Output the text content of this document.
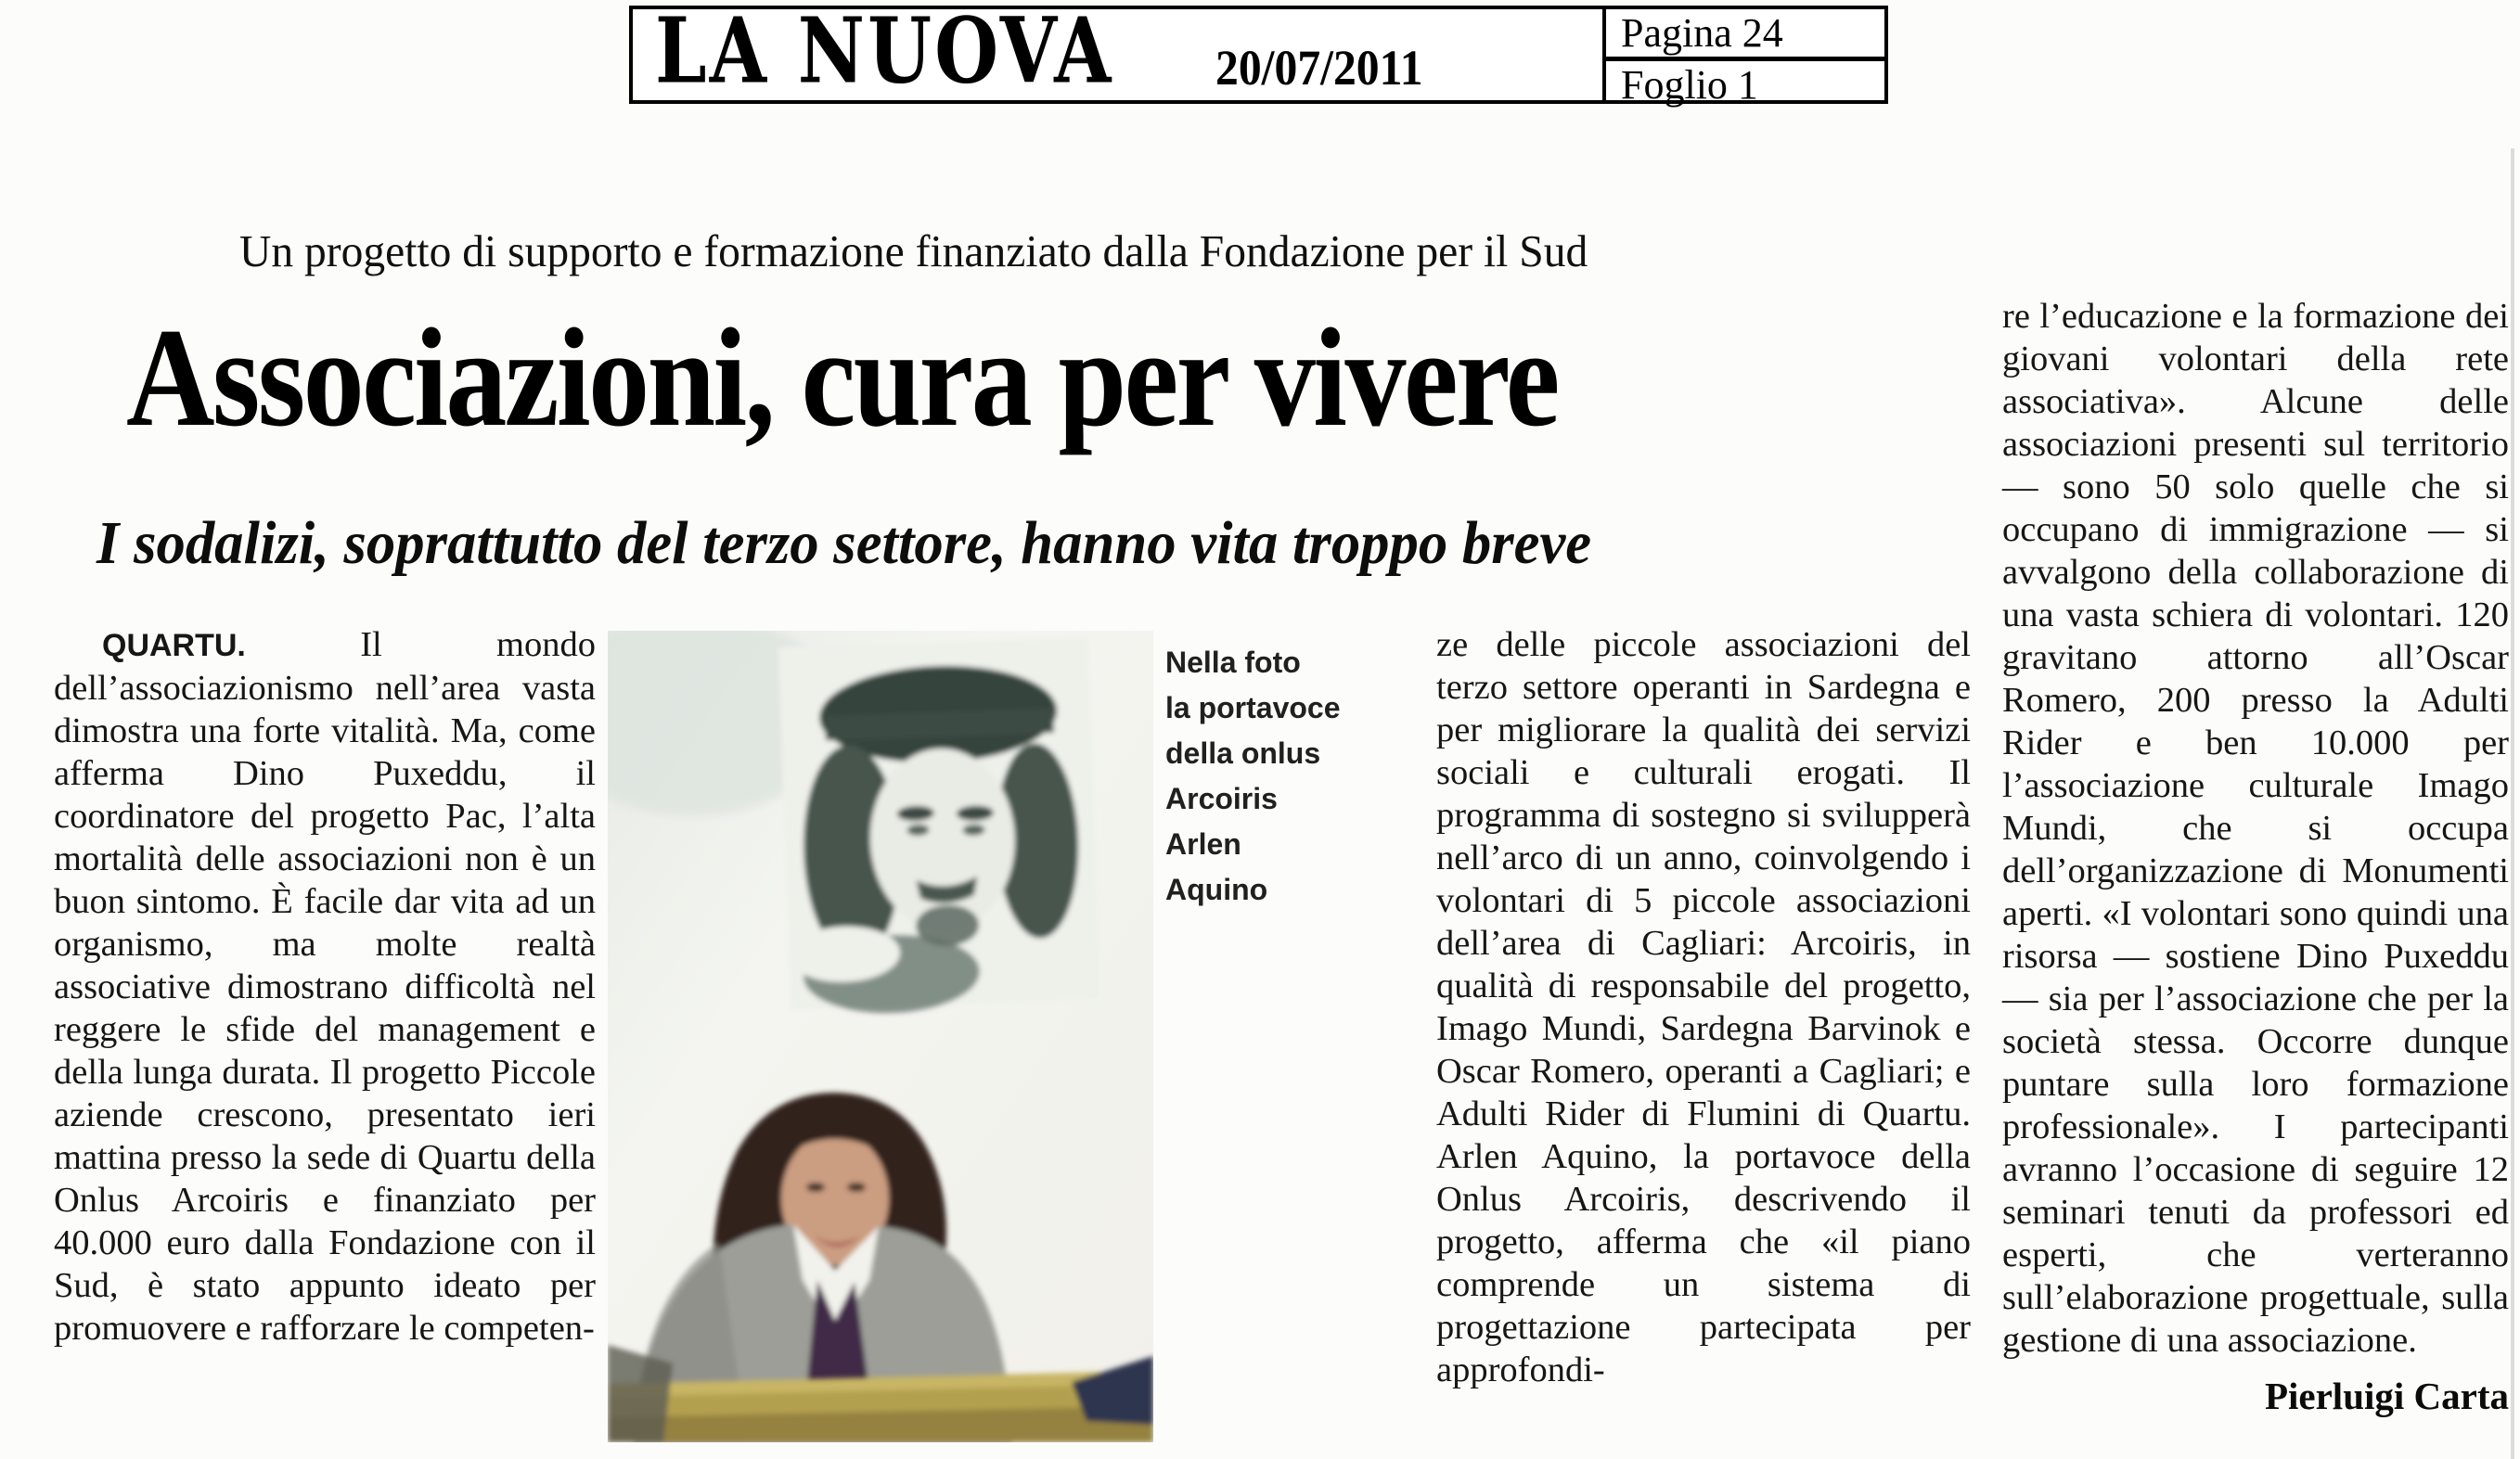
LA NUOVA 20/07/2011
Pagina 24
Foglio 1
Un progetto di supporto e formazione finanziato dalla Fondazione per il Sud
Associazioni, cura per vivere
I sodalizi, soprattutto del terzo settore, hanno vita troppo breve

QUARTU. Il mondo dell’associazionismo nell’area vasta dimostra una forte vitalità. Ma, come afferma Dino Puxeddu, il coordinatore del progetto Pac, l’alta mortalità delle associazioni non è un buon sintomo. È facile dar vita ad un organismo, ma molte realtà associative dimostrano difficoltà nel reggere le sfide del management e della lunga durata. Il progetto Piccole aziende crescono, presentato ieri mattina presso la sede di Quartu della Onlus Arcoiris e finanziato per 40.000 euro dalla Fondazione con il Sud, è stato appunto ideato per promuovere e rafforzare le competen-

Nella foto
la portavoce
della onlus
Arcoiris
Arlen
Aquino

ze delle piccole associazioni del terzo settore operanti in Sardegna e per migliorare la qualità dei servizi sociali e culturali erogati. Il programma di sostegno si svilupperà nell’arco di un anno, coinvolgendo i volontari di 5 piccole associazioni dell’area di Cagliari: Arcoiris, in qualità di responsabile del progetto, Imago Mundi, Sardegna Barvinok e Oscar Romero, operanti a Cagliari; e Adulti Rider di Flumini di Quartu. Arlen Aquino, la portavoce della Onlus Arcoiris, descrivendo il progetto, afferma che «il piano comprende un sistema di progettazione partecipata per approfondi-

re l’educazione e la formazione dei giovani volontari della rete associativa». Alcune delle associazioni presenti sul territorio — sono 50 solo quelle che si occupano di immigrazione — si avvalgono della collaborazione di una vasta schiera di volontari. 120 gravitano attorno all’Oscar Romero, 200 presso la Adulti Rider e ben 10.000 per l’associazione culturale Imago Mundi, che si occupa dell’organizzazione di Monumenti aperti. «I volontari sono quindi una risorsa — sostiene Dino Puxeddu — sia per l’associazione che per la società stessa. Occorre dunque puntare sulla loro formazione professionale». I partecipanti avranno l’occasione di seguire 12 seminari tenuti da professori ed esperti, che verteranno sull’elaborazione progettuale, sulla gestione di una associazione.

Pierluigi Carta
